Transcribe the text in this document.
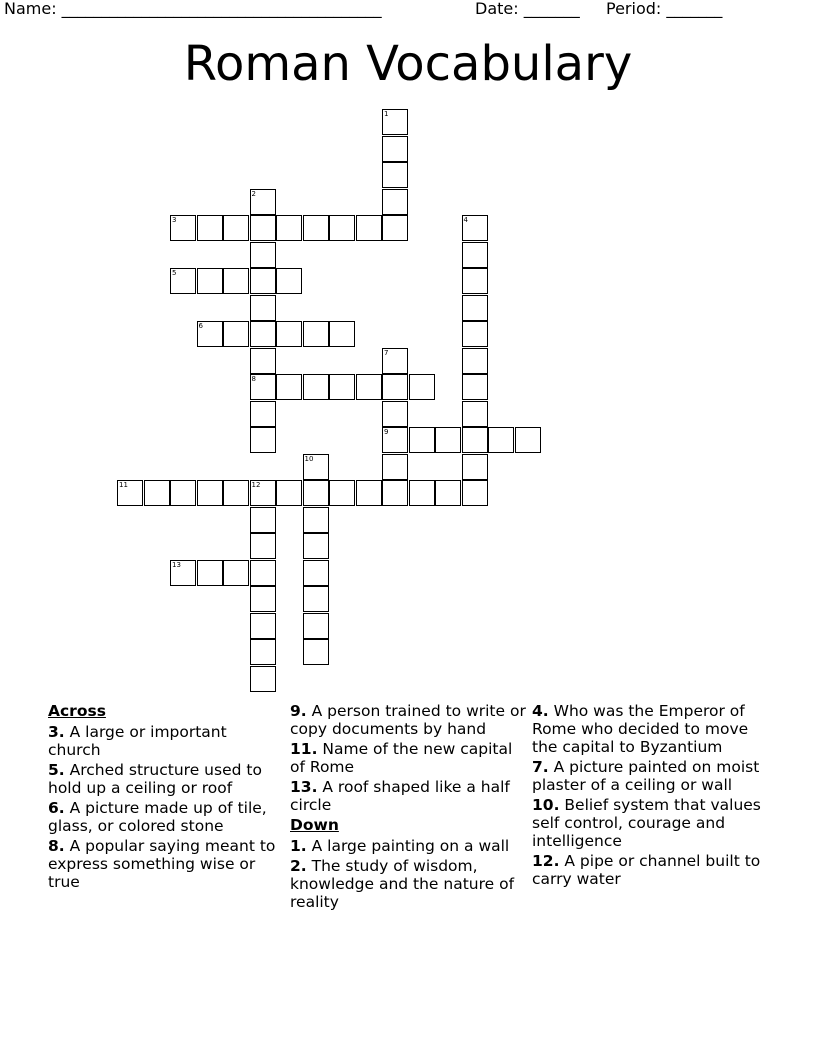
Name: ________________________________________	Date: _______ Period: _______
Roman Vocabulary
1
2
8
3	4
5
6
7
9
10
11	12
13
Across
3. A large or important church
5. Arched structure used to hold up a ceiling or roof
6. A picture made up of tile, glass, or colored stone
8. A popular saying meant to express something wise or true
9. A person trained to write or copy documents by hand
11. Name of the new capital of Rome
13. A roof shaped like a half circle
Down
1. A large painting on a wall
2. The study of wisdom, knowledge and the nature of reality
4. Who was the Emperor of Rome who decided to move the capital to Byzantium
7. A picture painted on moist plaster of a ceiling or wall
10. Belief system that values self control, courage and intelligence
12. A pipe or channel built to carry water
